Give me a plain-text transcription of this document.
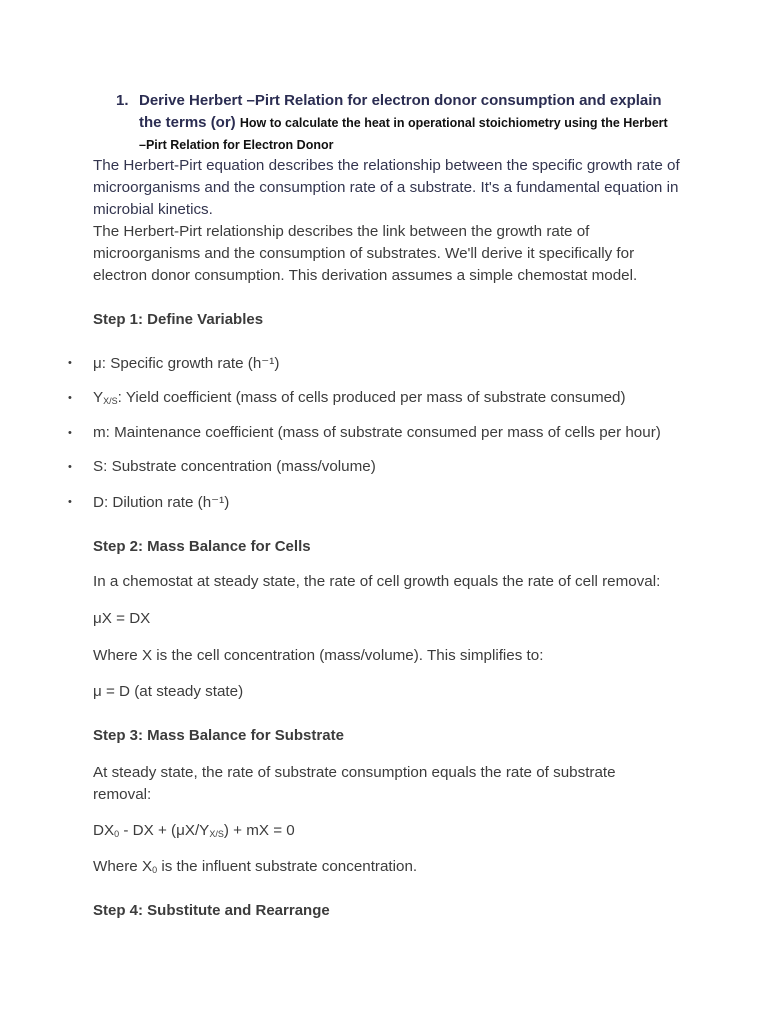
1. Derive Herbert –Pirt Relation for electron donor consumption and explain the terms (or) How to calculate the heat in operational stoichiometry using the Herbert –Pirt Relation for Electron Donor
The Herbert-Pirt equation describes the relationship between the specific growth rate of microorganisms and the consumption rate of a substrate. It's a fundamental equation in microbial kinetics.
The Herbert-Pirt relationship describes the link between the growth rate of microorganisms and the consumption of substrates. We'll derive it specifically for electron donor consumption. This derivation assumes a simple chemostat model.
Step 1: Define Variables
• μ: Specific growth rate (h⁻¹)
• $Y_{X/S}$: Yield coefficient (mass of cells produced per mass of substrate consumed)
• m: Maintenance coefficient (mass of substrate consumed per mass of cells per hour)
• S: Substrate concentration (mass/volume)
• D: Dilution rate (h⁻¹)
Step 2: Mass Balance for Cells
In a chemostat at steady state, the rate of cell growth equals the rate of cell removal:
μX = DX
Where X is the cell concentration (mass/volume). This simplifies to:
μ = D (at steady state)
Step 3: Mass Balance for Substrate
At steady state, the rate of substrate consumption equals the rate of substrate removal:
$DX_0$ - DX + $(\mu X/Y_{X/S})$ + mX = 0
Where $X_0$ is the influent substrate concentration.
Step 4: Substitute and Rearrange
